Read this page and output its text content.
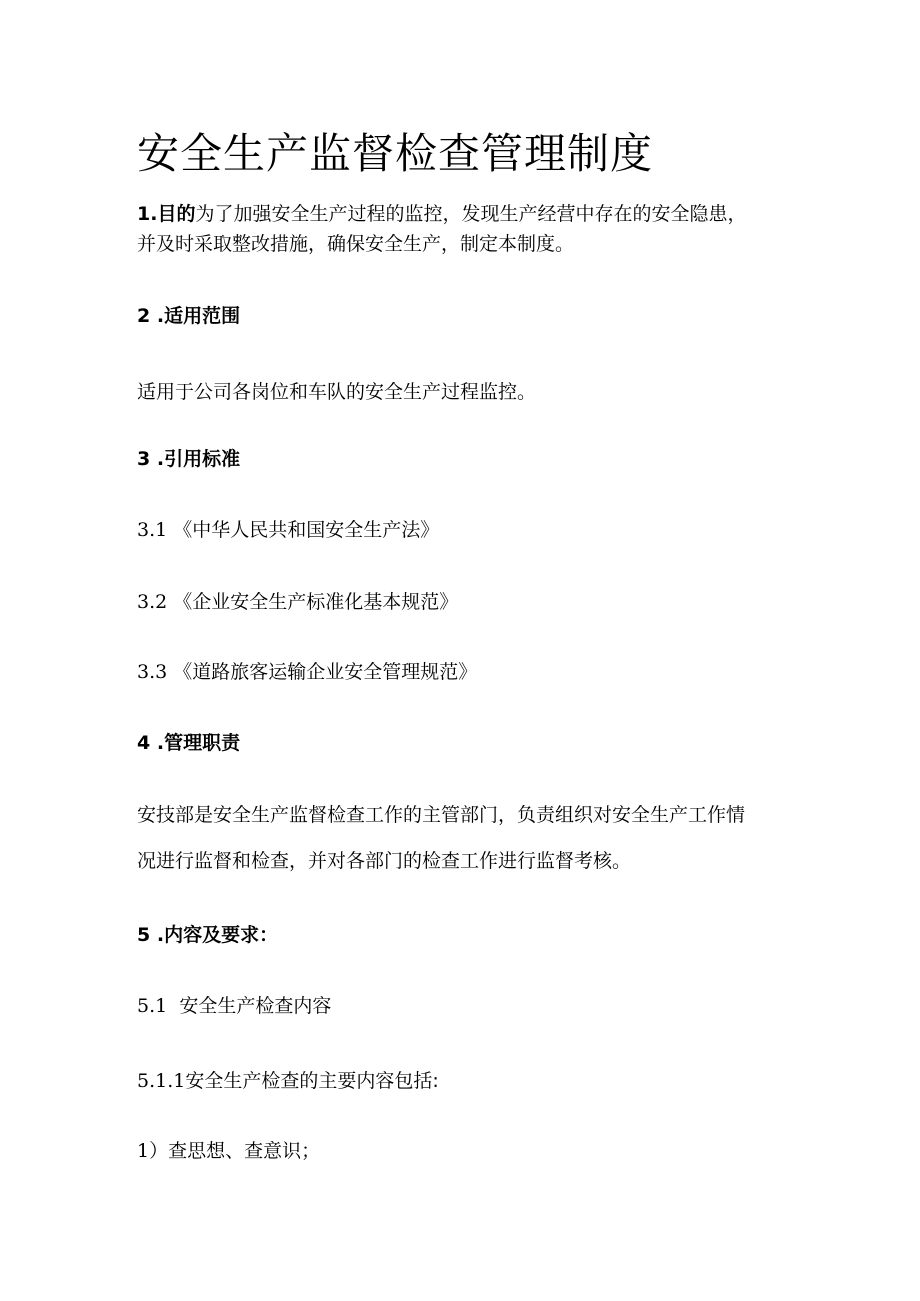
安全生产监督检查管理制度
1.目的为了加强安全生产过程的监控，发现生产经营中存在的安全隐患，
并及时采取整改措施，确保安全生产，制定本制度。
2 .适用范围
适用于公司各岗位和车队的安全生产过程监控。
3 .引用标准
3.1 《中华人民共和国安全生产法》
3.2 《企业安全生产标准化基本规范》
3.3 《道路旅客运输企业安全管理规范》
4 .管理职责
安技部是安全生产监督检查工作的主管部门，负责组织对安全生产工作情
况进行监督和检查，并对各部门的检查工作进行监督考核。
5 .内容及要求：
5.1 安全生产检查内容
5.1.1安全生产检查的主要内容包括:
1）查思想、查意识；
